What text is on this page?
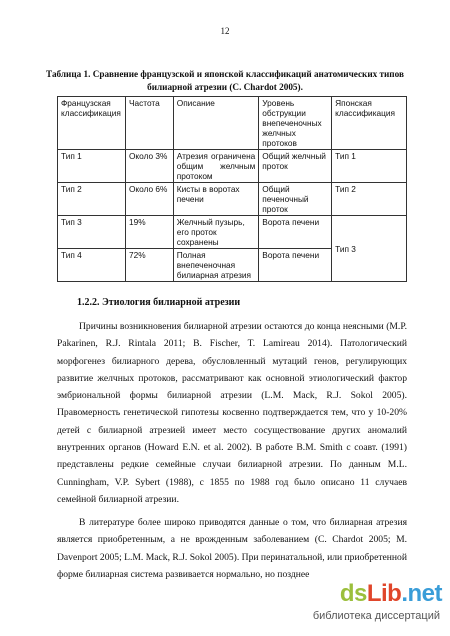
12
Таблица 1. Сравнение французской и японской классификаций анатомических типов
билиарной атрезии (C. Chardot 2005).
Французская классификация	Частота	Описание	Уровень обструкции внепеченочных желчных протоков	Японская классификация
Тип 1	Около 3%	Атрезия ограничена общим желчным протоком	Общий желчный проток	Тип 1
Тип 2	Около 6%	Кисты в воротах печени	Общий печеночный проток	Тип 2
Тип 3	19%	Желчный пузырь, его проток сохранены	Ворота печени	Тип 3
Тип 4	72%	Полная внепеченочная билиарная атрезия	Ворота печени	
1.2.2. Этиология билиарной атрезии

Причины возникновения билиарной атрезии остаются до конца неясными (M.P. Pakarinen, R.J. Rintala 2011; B. Fischer, T. Lamireau 2014). Патологический морфогенез билиарного дерева, обусловленный мутаций генов, регулирующих развитие желчных протоков, рассматривают как основной этиологический фактор эмбриональной формы билиарной атрезии (L.M. Mack, R.J. Sokol 2005). Правомерность генетической гипотезы косвенно подтверждается тем, что у 10-20% детей с билиарной атрезией имеет место сосуществование других аномалий внутренних органов (Howard E.N. et al. 2002). В работе B.M. Smith с соавт. (1991) представлены редкие семейные случаи билиарной атрезии. По данным M.L. Cunningham, V.P. Sybert (1988), с 1855 по 1988 год было описано 11 случаев семейной билиарной атрезии.

В литературе более широко приводятся данные о том, что билиарная атрезия является приобретенным, а не врожденным заболеванием (C. Chardot 2005; M. Davenport 2005; L.M. Mack, R.J. Sokol 2005). При перинатальной, или приобретенной форме билиарная система развивается нормально, но позднее

dsLib.net
библиотека диссертаций
